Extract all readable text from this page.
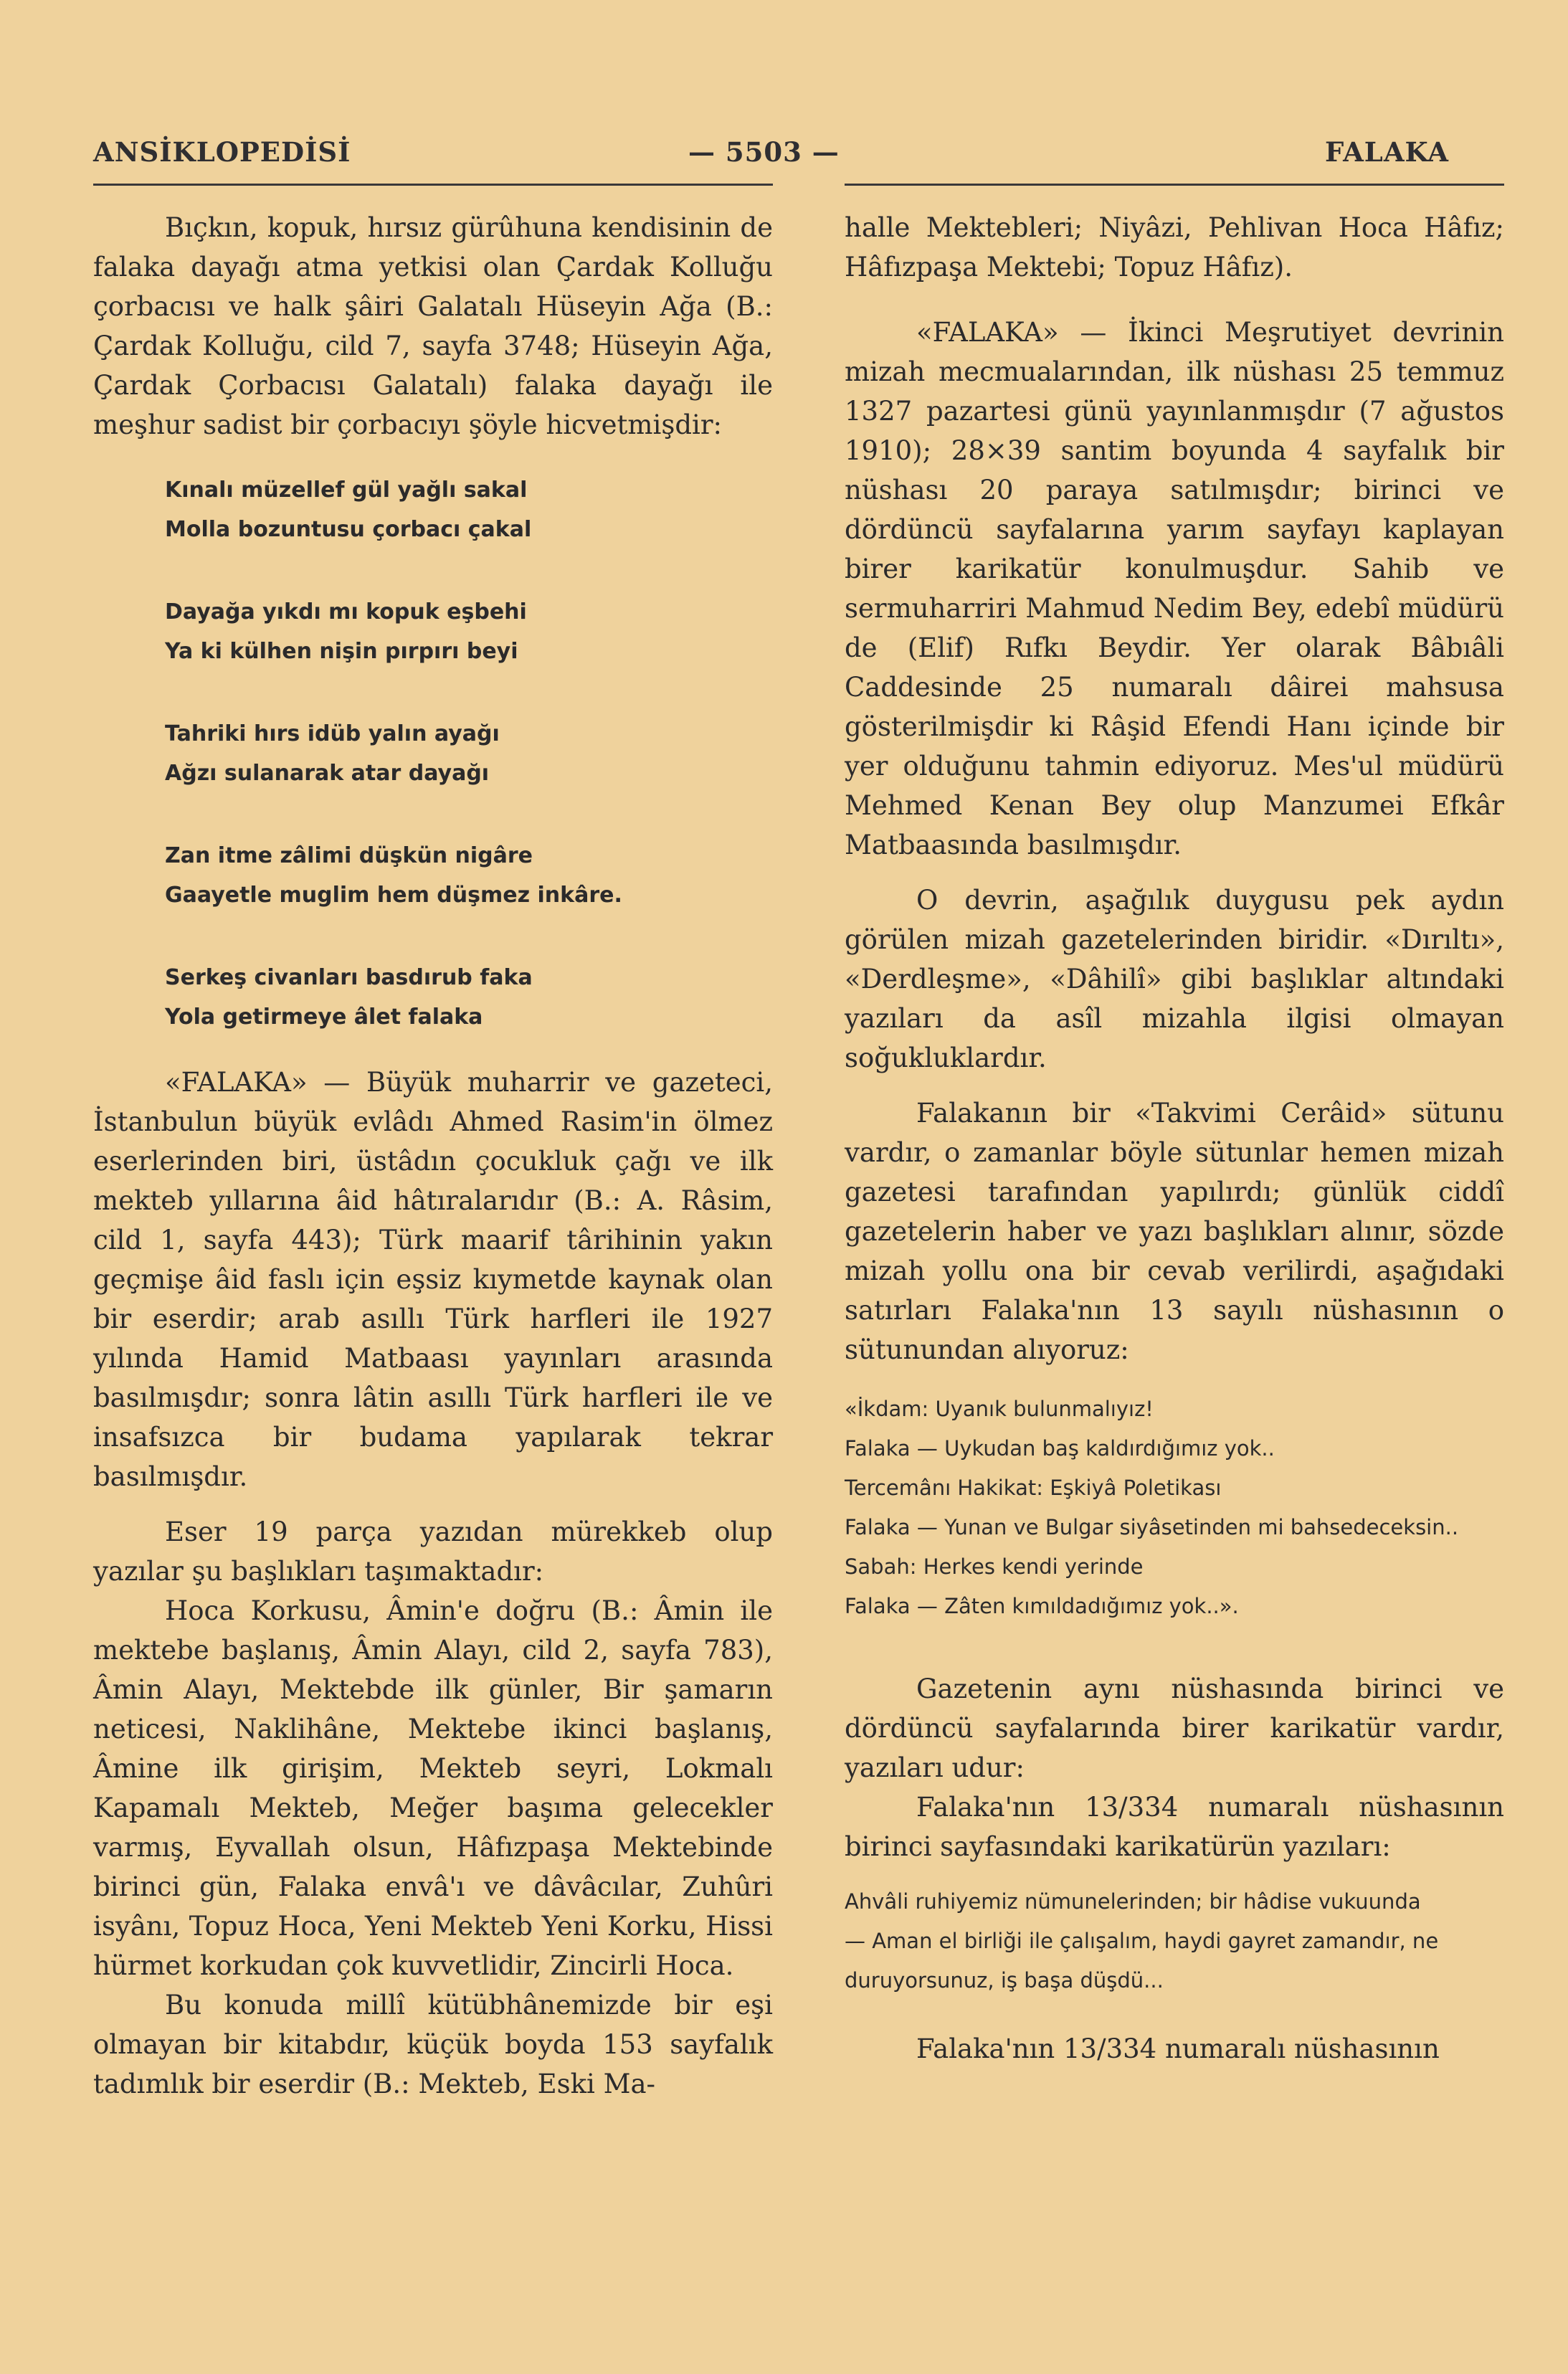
ANSİKLOPEDİSİ	— 5503 —	FALAKA

Bıçkın, kopuk, hırsız gürûhuna kendisinin de falaka dayağı atma yetkisi olan Çardak Kolluğu çorbacısı ve halk şâiri Galatalı Hüseyin Ağa (B.: Çardak Kolluğu, cild 7, sayfa 3748; Hüseyin Ağa, Çardak Çorbacısı Galatalı) falaka dayağı ile meşhur sadist bir çorbacıyı şöyle hicvetmişdir:

Kınalı müzellef gül yağlı sakal

Molla bozuntusu çorbacı çakal

Dayağa yıkdı mı kopuk eşbehi

Ya ki külhen nişin pırpırı beyi

Tahriki hırs idüb yalın ayağı

Ağzı sulanarak atar dayağı

Zan itme zâlimi düşkün nigâre

Gaayetle muglim hem düşmez inkâre.

Serkeş civanları basdırub faka

Yola getirmeye âlet falaka

«FALAKA» — Büyük muharrir ve gazeteci, İstanbulun büyük evlâdı Ahmed Rasim'in ölmez eserlerinden biri, üstâdın çocukluk çağı ve ilk mekteb yıllarına âid hâtıralarıdır (B.: A. Râsim, cild 1, sayfa 443); Türk maarif târihinin yakın geçmişe âid faslı için eşsiz kıymetde kaynak olan bir eserdir; arab asıllı Türk harfleri ile 1927 yılında Hamid Matbaası yayınları arasında basılmışdır; sonra lâtin asıllı Türk harfleri ile ve insafsızca bir budama yapılarak tekrar basılmışdır.

Eser 19 parça yazıdan mürekkeb olup yazılar şu başlıkları taşımaktadır:

Hoca Korkusu, Âmin'e doğru (B.: Âmin ile mektebe başlanış, Âmin Alayı, cild 2, sayfa 783), Âmin Alayı, Mektebde ilk günler, Bir şamarın neticesi, Naklihâne, Mektebe ikinci başlanış, Âmine ilk girişim, Mekteb seyri, Lokmalı Kapamalı Mekteb, Meğer başıma gelecekler varmış, Eyvallah olsun, Hâfızpaşa Mektebinde birinci gün, Falaka envâ'ı ve dâvâcılar, Zuhûri isyânı, Topuz Hoca, Yeni Mekteb Yeni Korku, Hissi hürmet korkudan çok kuvvetlidir, Zincirli Hoca.

Bu konuda millî kütübhânemizde bir eşi olmayan bir kitabdır, küçük boyda 153 sayfalık tadımlık bir eserdir (B.: Mekteb, Eski Ma-

halle Mektebleri; Niyâzi, Pehlivan Hoca Hâfız; Hâfızpaşa Mektebi; Topuz Hâfız).

«FALAKA» — İkinci Meşrutiyet devrinin mizah mecmualarından, ilk nüshası 25 temmuz 1327 pazartesi günü yayınlanmışdır (7 ağustos 1910); 28×39 santim boyunda 4 sayfalık bir nüshası 20 paraya satılmışdır; birinci ve dördüncü sayfalarına yarım sayfayı kaplayan birer karikatür konulmuşdur. Sahib ve sermuharriri Mahmud Nedim Bey, edebî müdürü de (Elif) Rıfkı Beydir. Yer olarak Bâbıâli Caddesinde 25 numaralı dâirei mahsusa gösterilmişdir ki Râşid Efendi Hanı içinde bir yer olduğunu tahmin ediyoruz. Mes'ul müdürü Mehmed Kenan Bey olup Manzumei Efkâr Matbaasında basılmışdır.

O devrin, aşağılık duygusu pek aydın görülen mizah gazetelerinden biridir. «Dırıltı», «Derdleşme», «Dâhilî» gibi başlıklar altındaki yazıları da asîl mizahla ilgisi olmayan soğukluklardır.

Falakanın bir «Takvimi Cerâid» sütunu vardır, o zamanlar böyle sütunlar hemen mizah gazetesi tarafından yapılırdı; günlük ciddî gazetelerin haber ve yazı başlıkları alınır, sözde mizah yollu ona bir cevab verilirdi, aşağıdaki satırları Falaka'nın 13 sayılı nüshasının o sütunundan alıyoruz:

«İkdam: Uyanık bulunmalıyız!

Falaka — Uykudan baş kaldırdığımız yok..

Tercemânı Hakikat: Eşkiyâ Poletikası

Falaka — Yunan ve Bulgar siyâsetinden mi bahsedeceksin..

Sabah: Herkes kendi yerinde

Falaka — Zâten kımıldadığımız yok..».

Gazetenin aynı nüshasında birinci ve dördüncü sayfalarında birer karikatür vardır, yazıları udur:

Falaka'nın 13/334 numaralı nüshasının birinci sayfasındaki karikatürün yazıları:

Ahvâli ruhiyemiz nümunelerinden; bir hâdise vukuunda

— Aman el birliği ile çalışalım, haydi gayret zamandır, ne duruyorsunuz, iş başa düşdü...

Falaka'nın 13/334 numaralı nüshasının
